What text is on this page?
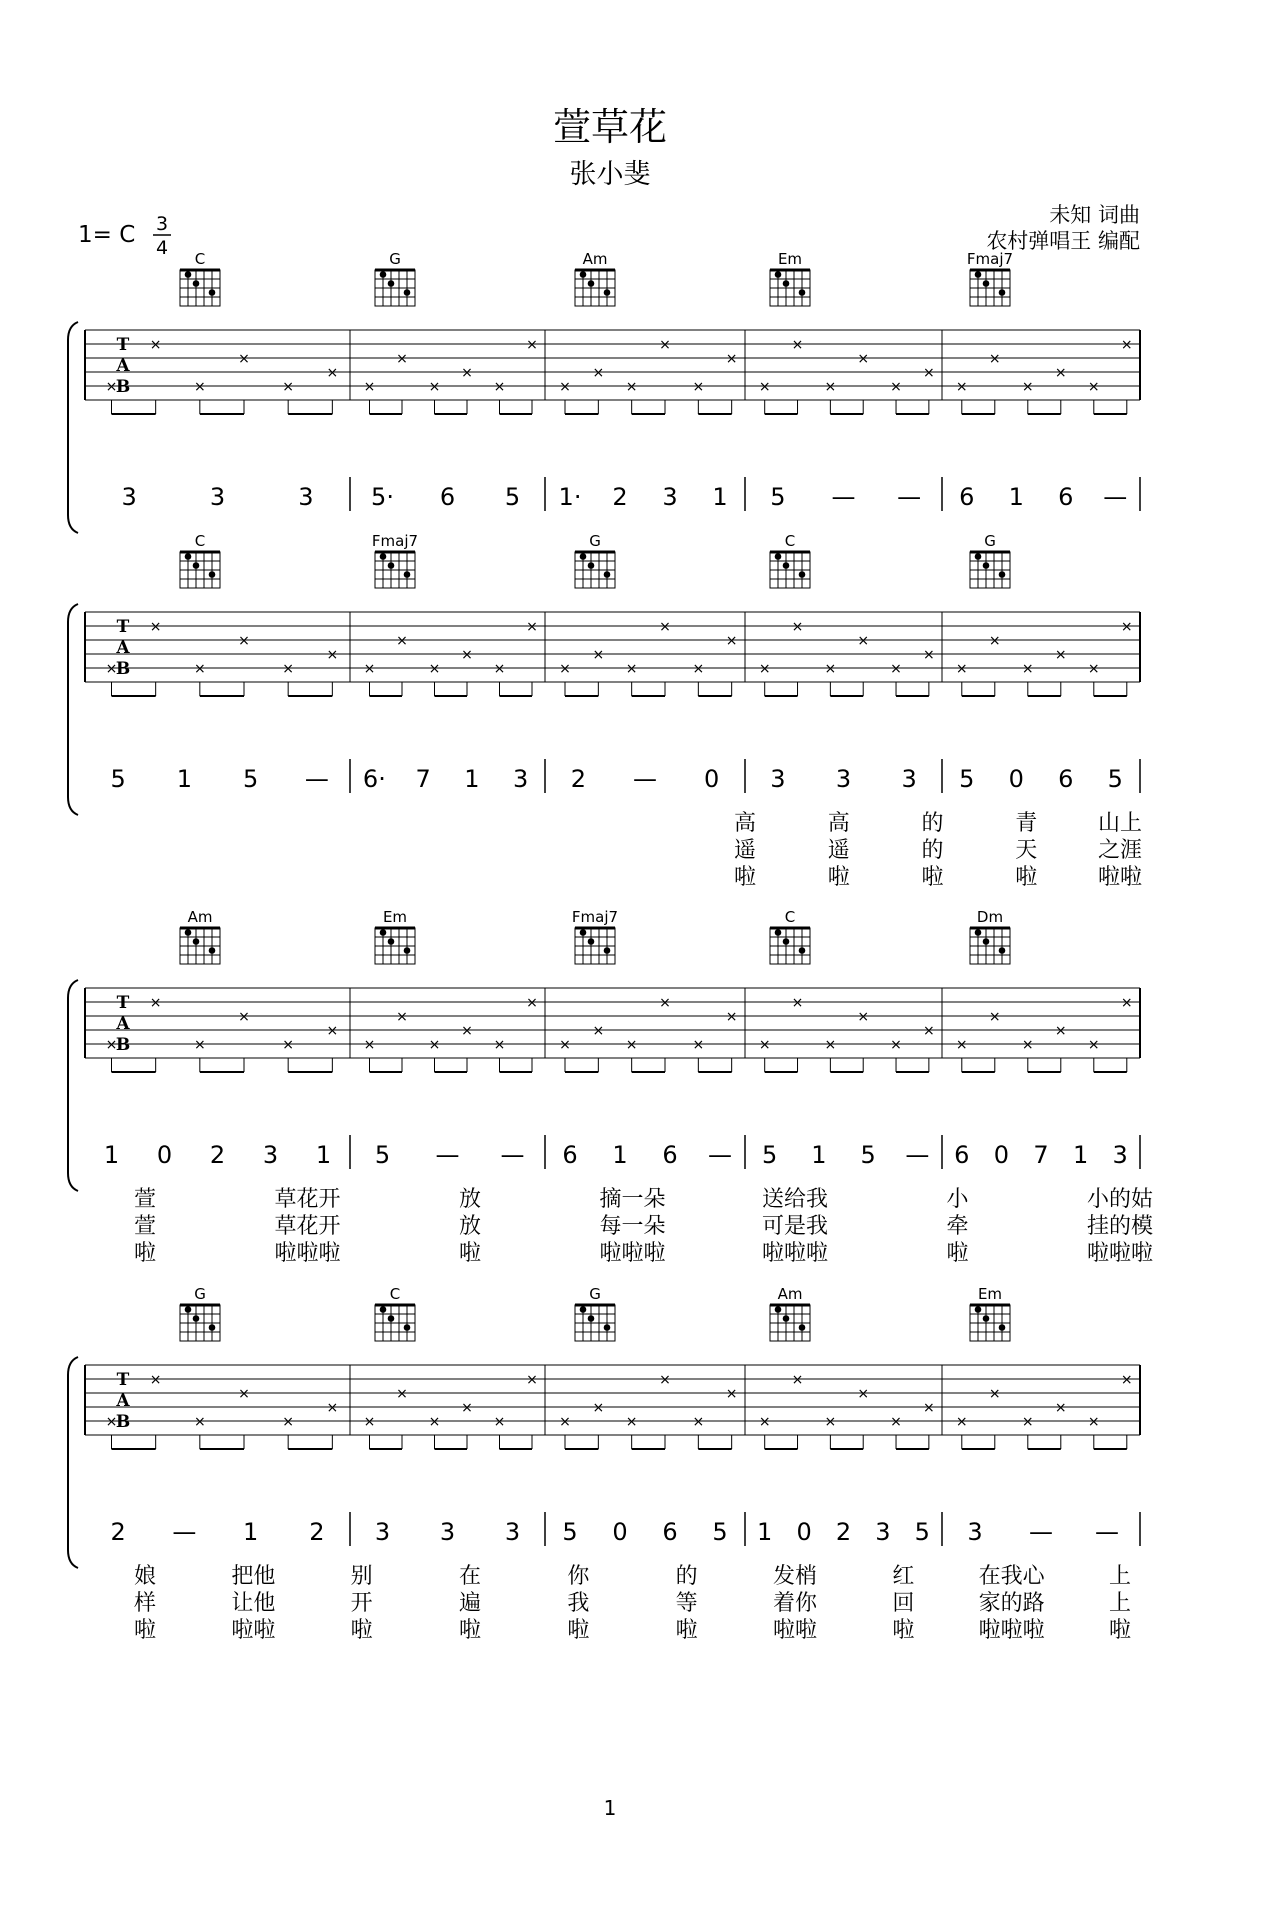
萱草花
张小斐
1= C 3
4
未知 词曲
农村弹唱王 编配
T
A
B
C
×
×
×
×
×
×
3	3	3
G
×
×
×
×
×
×
5· 6 5
Am
×
×
×
×
×
×
1· 2 3 1
Em
×
×
×
×
×
×
5 — —
Fmaj7
×
×
×
×
×
×
6 1 6 —
T
A
B
C
×
×
×
×
×
×
5 1 5 —
Fmaj7
×
×
×
×
×
×
6· 7 1 3
G
×
×
×
×
×
×
2 — 0
C
×
×
×
×
×
×
3 3 3
G
×
×
×
×
×
×
5 0 6 5
高	高	的	青	山上
遥	遥	的	天	之涯
啦	啦	啦	啦	啦啦
T
A
B
Am
×
×
×
×
×
×
1 0 2 3 1
Em
×
×
×
×
×
×
5 — —
Fmaj7
×
×
×
×
×
×
6 1 6 —
C
×
×
×
×
×
×
5 1 5 —
Dm
×
×
×
×
×
×
6 0 7 1 3
萱	草花开	放	摘一朵	送给我	小	小的姑
萱	草花开	放	每一朵	可是我	牵	挂的模
啦	啦啦啦	啦	啦啦啦	啦啦啦	啦	啦啦啦
T
A
B
G
×
×
×
×
×
×
2 — 1 2
C
×
×
×
×
×
×
3 3 3
G
×
×
×
×
×
×
5 0 6 5
Am
×
×
×
×
×
×
1 0 2 3 5
Em
×
×
×
×
×
×
3 — —
娘	把他	别	在	你	的	发梢	红	在我心	上
样	让他	开	遍	我	等	着你	回	家的路	上
啦	啦啦	啦	啦	啦	啦	啦啦	啦	啦啦啦	啦
1
